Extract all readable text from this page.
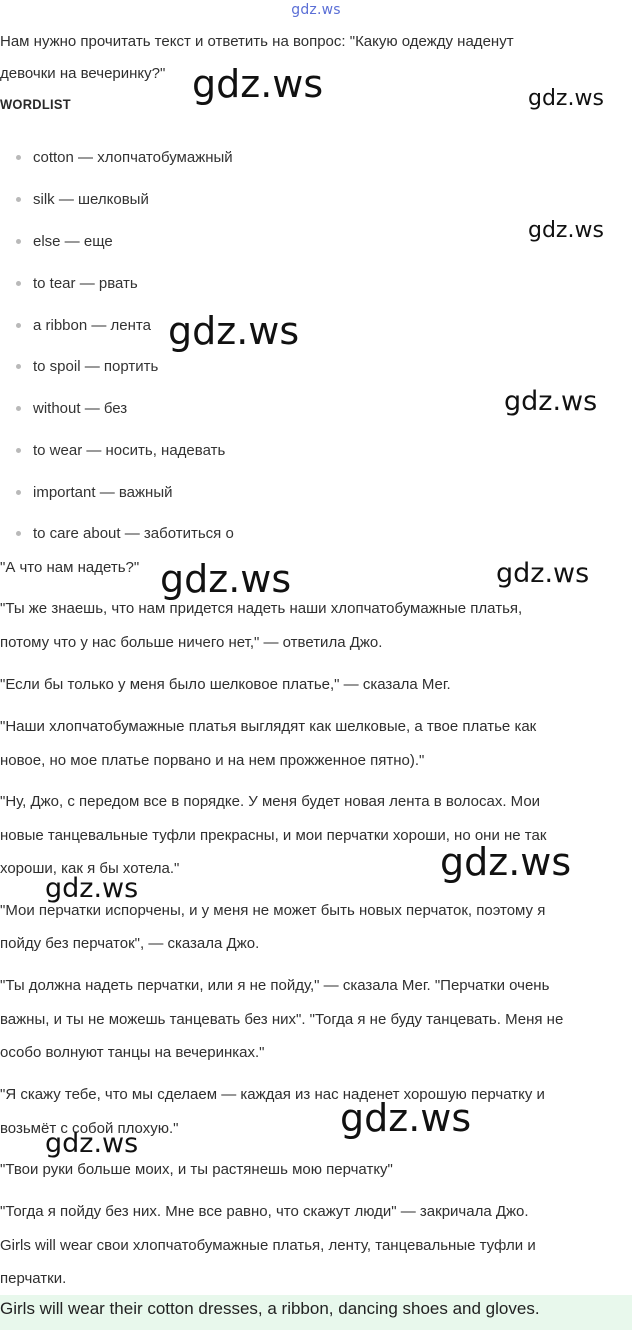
gdz.ws

Нам нужно прочитать текст и ответить на вопрос: "Какую одежду наденут

девочки на вечеринку?"

WORDLIST
cotton — хлопчатобумажный
silk — шелковый
else — еще
to tear — рвать
a ribbon — лента
to spoil — портить
without — без
to wear — носить, надевать
important — важный
to care about — заботиться о

"А что нам надеть?"

"Ты же знаешь, что нам придется надеть наши хлопчатобумажные платья,

потому что у нас больше ничего нет," — ответила Джо.

"Если бы только у меня было шелковое платье," — сказала Мег.

"Наши хлопчатобумажные платья выглядят как шелковые, а твое платье как

новое, но мое платье порвано и на нем прожженное пятно)."

"Ну, Джо, с передом все в порядке. У меня будет новая лента в волосах. Мои

новые танцевальные туфли прекрасны, и мои перчатки хороши, но они не так

хороши, как я бы хотела."

"Мои перчатки испорчены, и у меня не может быть новых перчаток, поэтому я

пойду без перчаток", — сказала Джо.

"Ты должна надеть перчатки, или я не пойду," — сказала Мег. "Перчатки очень

важны, и ты не можешь танцевать без них". "Тогда я не буду танцевать. Меня не

особо волнуют танцы на вечеринках."

"Я скажу тебе, что мы сделаем — каждая из нас наденет хорошую перчатку и

возьмёт с собой плохую."

"Твои руки больше моих, и ты растянешь мою перчатку"

"Тогда я пойду без них. Мне все равно, что скажут люди" — закричала Джо.

Girls will wear свои хлопчатобумажные платья, ленту, танцевальные туфли и

перчатки.

Girls will wear their cotton dresses, a ribbon, dancing shoes and gloves.
gdz.ws	gdz.ws
gdz.ws
gdz.ws
gdz.ws
gdz.ws	gdz.ws
gdz.ws
gdz.ws
gdz.ws
gdz.ws
